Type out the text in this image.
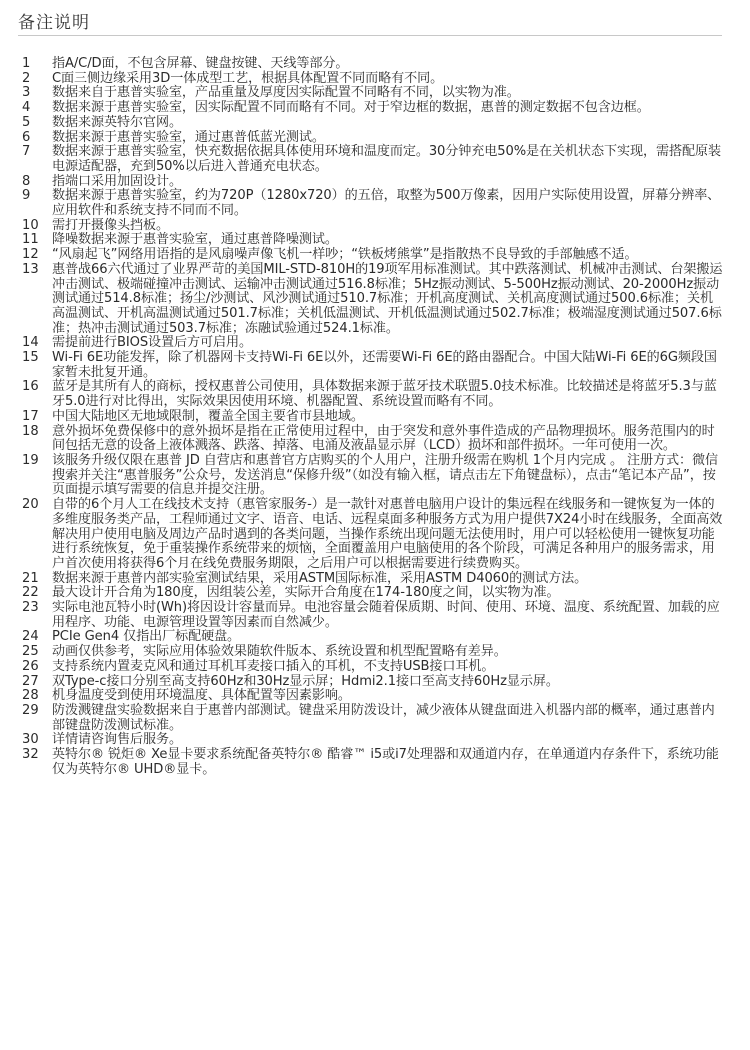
备注说明
1	指A/C/D面，不包含屏幕、键盘按键、天线等部分。
2	C面三侧边缘采用3D一体成型工艺，根据具体配置不同而略有不同。
3	数据来自于惠普实验室，产品重量及厚度因实际配置不同略有不同，以实物为准。
4	数据来源于惠普实验室，因实际配置不同而略有不同。对于窄边框的数据，惠普的测定数据不包含边框。
5	数据来源英特尔官网。
6	数据来源于惠普实验室，通过惠普低蓝光测试。
7	数据来源于惠普实验室，快充数据依据具体使用环境和温度而定。30分钟充电50%是在关机状态下实现，需搭配原装电源适配器，充到50%以后进入普通充电状态。
8	指端口采用加固设计。
9	数据来源于惠普实验室，约为720P（1280x720）的五倍，取整为500万像素，因用户实际使用设置，屏幕分辨率、应用软件和系统支持不同而不同。
10	需打开摄像头挡板。
11	降噪数据来源于惠普实验室，通过惠普降噪测试。
12	“风扇起飞”网络用语指的是风扇噪声像飞机一样吵；“铁板烤熊掌”是指散热不良导致的手部触感不适。
13	惠普战66六代通过了业界严苛的美国MIL-STD-810H的19项军用标准测试。其中跌落测试、机械冲击测试、台架搬运冲击测试、极端碰撞冲击测试、运输冲击测试通过516.8标准；5Hz振动测试、5-500Hz振动测试、20-2000Hz振动测试通过514.8标准；扬尘/沙测试、风沙测试通过510.7标准；开机高度测试、关机高度测试通过500.6标准；关机高温测试、开机高温测试通过501.7标准；关机低温测试、开机低温测试通过502.7标准；极端湿度测试通过507.6标准；热冲击测试通过503.7标准；冻融试验通过524.1标准。
14	需提前进行BIOS设置后方可启用。
15	Wi-Fi 6E功能发挥，除了机器网卡支持Wi-Fi 6E以外，还需要Wi-Fi 6E的路由器配合。中国大陆Wi-Fi 6E的6G频段国家暂未批复开通。
16	蓝牙是其所有人的商标，授权惠普公司使用，具体数据来源于蓝牙技术联盟5.0技术标准。比较描述是将蓝牙5.3与蓝牙5.0进行对比得出，实际效果因使用环境、机器配置、系统设置而略有不同。
17	中国大陆地区无地域限制，覆盖全国主要省市县地域。
18	意外损坏免费保修中的意外损坏是指在正常使用过程中，由于突发和意外事件造成的产品物理损坏。服务范围内的时间包括无意的设备上液体溅落、跌落、掉落、电涌及液晶显示屏（LCD）损坏和部件损坏。一年可使用一次。
19	该服务升级仅限在惠普 JD 自营店和惠普官方店购买的个人用户，注册升级需在购机 1个月内完成 。 注册方式：微信搜索并关注“惠普服务”公众号，发送消息“保修升级”（如没有输入框，请点击左下角键盘标），点击“笔记本产品”，按页面提示填写需要的信息并提交注册。
20	自带的6个月人工在线技术支持（惠管家服务-）是一款针对惠普电脑用户设计的集远程在线服务和一键恢复为一体的多维度服务类产品，工程师通过文字、语音、电话、远程桌面多种服务方式为用户提供7X24小时在线服务，全面高效解决用户使用电脑及周边产品时遇到的各类问题，当操作系统出现问题无法使用时，用户可以轻松使用一键恢复功能进行系统恢复，免于重装操作系统带来的烦恼，全面覆盖用户电脑使用的各个阶段，可满足各种用户的服务需求，用户首次使用将获得6个月在线免费服务期限，之后用户可以根据需要进行续费购买。
21	数据来源于惠普内部实验室测试结果，采用ASTM国际标准，采用ASTM D4060的测试方法。
22	最大设计开合角为180度，因组装公差，实际开合角度在174-180度之间，以实物为准。
23	实际电池瓦特小时(Wh)将因设计容量而异。电池容量会随着保质期、时间、使用、环境、温度、系统配置、加载的应用程序、功能、电源管理设置等因素而自然减少。
24	PCIe Gen4 仅指出厂标配硬盘。
25	动画仅供参考，实际应用体验效果随软件版本、系统设置和机型配置略有差异。
26	支持系统内置麦克风和通过耳机耳麦接口插入的耳机，不支持USB接口耳机。
27	双Type-c接口分别至高支持60Hz和30Hz显示屏；Hdmi2.1接口至高支持60Hz显示屏。
28	机身温度受到使用环境温度、具体配置等因素影响。
29	防泼溅键盘实验数据来自于惠普内部测试。键盘采用防泼设计，减少液体从键盘面进入机器内部的概率，通过惠普内部键盘防泼测试标准。
30	详情请咨询售后服务。
32	英特尔® 锐炬® Xe显卡要求系统配备英特尔® 酷睿™ i5或i7处理器和双通道内存，在单通道内存条件下，系统功能仅为英特尔® UHD®显卡。
